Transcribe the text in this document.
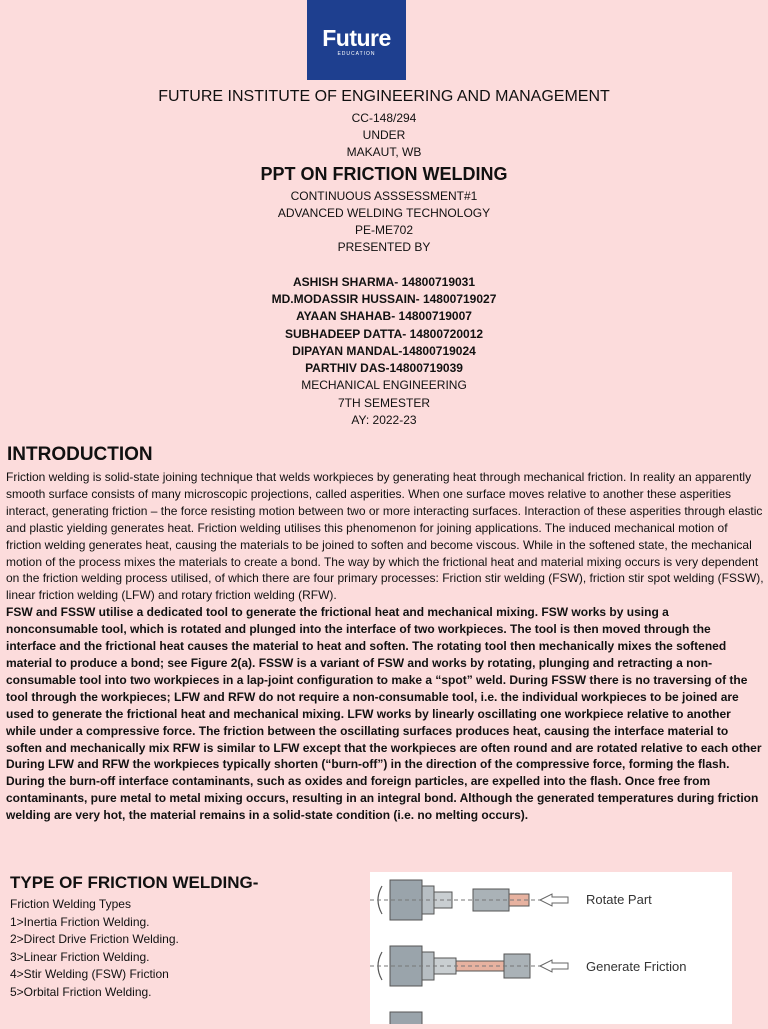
Future
EDUCATION
FUTURE INSTITUTE OF ENGINEERING AND MANAGEMENT
CC-148/294
UNDER
MAKAUT, WB
PPT ON FRICTION WELDING
CONTINUOUS ASSSESSMENT#1
ADVANCED WELDING TECHNOLOGY
PE-ME702
PRESENTED BY
ASHISH SHARMA- 14800719031
MD.MODASSIR HUSSAIN- 14800719027
AYAAN SHAHAB- 14800719007
SUBHADEEP DATTA- 14800720012
DIPAYAN MANDAL-14800719024
PARTHIV DAS-14800719039
MECHANICAL ENGINEERING
7TH SEMESTER
AY: 2022-23
INTRODUCTION

Friction welding is solid-state joining technique that welds workpieces by generating heat through mechanical friction. In reality an apparently smooth surface consists of many microscopic projections, called asperities. When one surface moves relative to another these asperities interact, generating friction – the force resisting motion between two or more interacting surfaces. Interaction of these asperities through elastic and plastic yielding generates heat. Friction welding utilises this phenomenon for joining applications. The induced mechanical motion of friction welding generates heat, causing the materials to be joined to soften and become viscous. While in the softened state, the mechanical motion of the process mixes the materials to create a bond. The way by which the frictional heat and material mixing occurs is very dependent on the friction welding process utilised, of which there are four primary processes: Friction stir welding (FSW), friction stir spot welding (FSSW), linear friction welding (LFW) and rotary friction welding (RFW).

FSW and FSSW utilise a dedicated tool to generate the frictional heat and mechanical mixing. FSW works by using a nonconsumable tool, which is rotated and plunged into the interface of two workpieces. The tool is then moved through the interface and the frictional heat causes the material to heat and soften. The rotating tool then mechanically mixes the softened material to produce a bond; see Figure 2(a). FSSW is a variant of FSW and works by rotating, plunging and retracting a non-consumable tool into two workpieces in a lap-joint configuration to make a “spot” weld. During FSSW there is no traversing of the tool through the workpieces; LFW and RFW do not require a non-consumable tool, i.e. the individual workpieces to be joined are used to generate the frictional heat and mechanical mixing. LFW works by linearly oscillating one workpiece relative to another while under a compressive force. The friction between the oscillating surfaces produces heat, causing the interface material to soften and mechanically mix RFW is similar to LFW except that the workpieces are often round and are rotated relative to each other During LFW and RFW the workpieces typically shorten (“burn-off”) in the direction of the compressive force, forming the flash. During the burn-off interface contaminants, such as oxides and foreign particles, are expelled into the flash. Once free from contaminants, pure metal to metal mixing occurs, resulting in an integral bond. Although the generated temperatures during friction welding are very hot, the material remains in a solid-state condition (i.e. no melting occurs).

TYPE OF FRICTION WELDING-
Friction Welding Types
1>Inertia Friction Welding.
2>Direct Drive Friction Welding.
3>Linear Friction Welding.
4>Stir Welding (FSW) Friction
5>Orbital Friction Welding.
Rotate Part
Generate Friction
